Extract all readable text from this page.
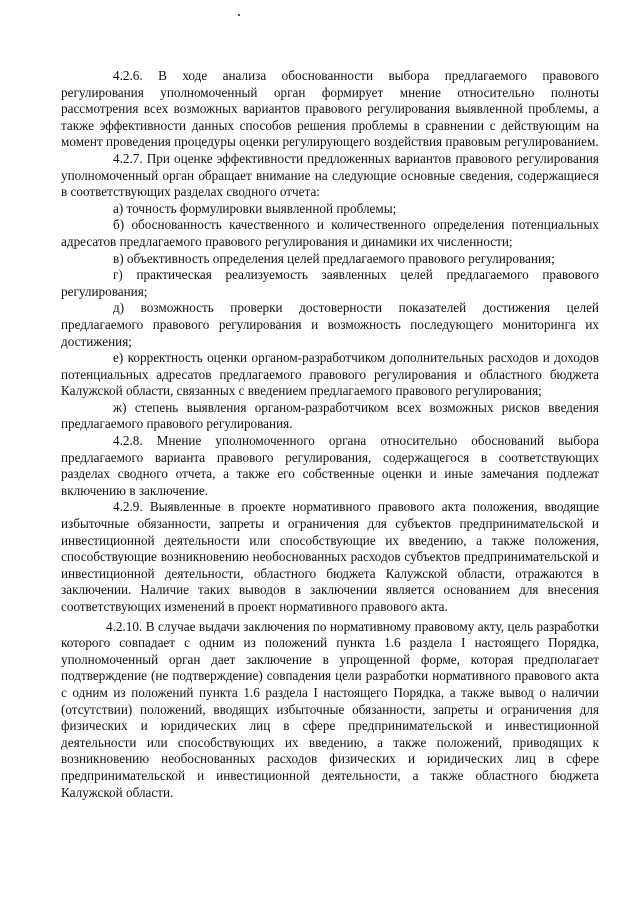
4.2.6. В ходе анализа обоснованности выбора предлагаемого правового регулирования уполномоченный орган формирует мнение относительно полноты рассмотрения всех возможных вариантов правового регулирования выявленной проблемы, а также эффективности данных способов решения проблемы в сравнении с действующим на момент проведения процедуры оценки регулирующего воздействия правовым регулированием.

4.2.7. При оценке эффективности предложенных вариантов правового регулирования уполномоченный орган обращает внимание на следующие основные сведения, содержащиеся в соответствующих разделах сводного отчета:

а) точность формулировки выявленной проблемы;

б) обоснованность качественного и количественного определения потенциальных адресатов предлагаемого правового регулирования и динамики их численности;

в) объективность определения целей предлагаемого правового регулирования;

г) практическая реализуемость заявленных целей предлагаемого правового регулирования;

д) возможность проверки достоверности показателей достижения целей предлагаемого правового регулирования и возможность последующего мониторинга их достижения;

е) корректность оценки органом-разработчиком дополнительных расходов и доходов потенциальных адресатов предлагаемого правового регулирования и областного бюджета Калужской области, связанных с введением предлагаемого правового регулирования;

ж) степень выявления органом-разработчиком всех возможных рисков введения предлагаемого правового регулирования.

4.2.8. Мнение уполномоченного органа относительно обоснований выбора предлагаемого варианта правового регулирования, содержащегося в соответствующих разделах сводного отчета, а также его собственные оценки и иные замечания подлежат включению в заключение.

4.2.9. Выявленные в проекте нормативного правового акта положения, вводящие избыточные обязанности, запреты и ограничения для субъектов предпринимательской и инвестиционной деятельности или способствующие их введению, а также положения, способствующие возникновению необоснованных расходов субъектов предпринимательской и инвестиционной деятельности, областного бюджета Калужской области, отражаются в заключении. Наличие таких выводов в заключении является основанием для внесения соответствующих изменений в проект нормативного правового акта.

4.2.10. В случае выдачи заключения по нормативному правовому акту, цель разработки которого совпадает с одним из положений пункта 1.6 раздела I настоящего Порядка, уполномоченный орган дает заключение в упрощенной форме, которая предполагает подтверждение (не подтверждение) совпадения цели разработки нормативного правового акта с одним из положений пункта 1.6 раздела I настоящего Порядка, а также вывод о наличии (отсутствии) положений, вводящих избыточные обязанности, запреты и ограничения для физических и юридических лиц в сфере предпринимательской и инвестиционной деятельности или способствующих их введению, а также положений, приводящих к возникновению необоснованных расходов физических и юридических лиц в сфере предпринимательской и инвестиционной деятельности, а также областного бюджета Калужской области.
